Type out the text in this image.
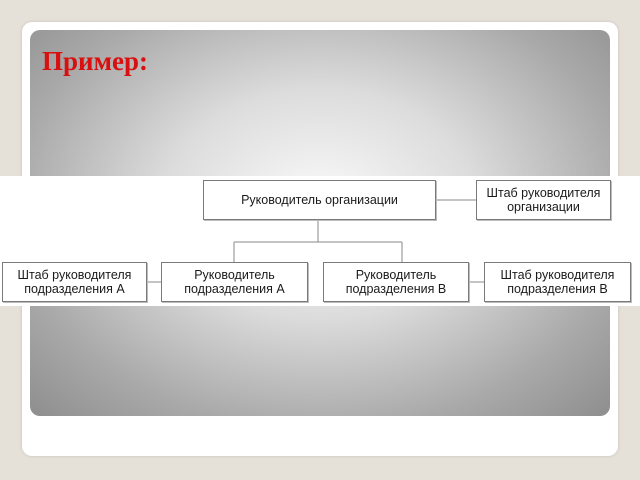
Пример:
Руководитель организации	Штаб руководителя
организации
Штаб руководителя
подразделения А
Руководитель
подразделения А
Руководитель
подразделения В
Штаб руководителя
подразделения В
